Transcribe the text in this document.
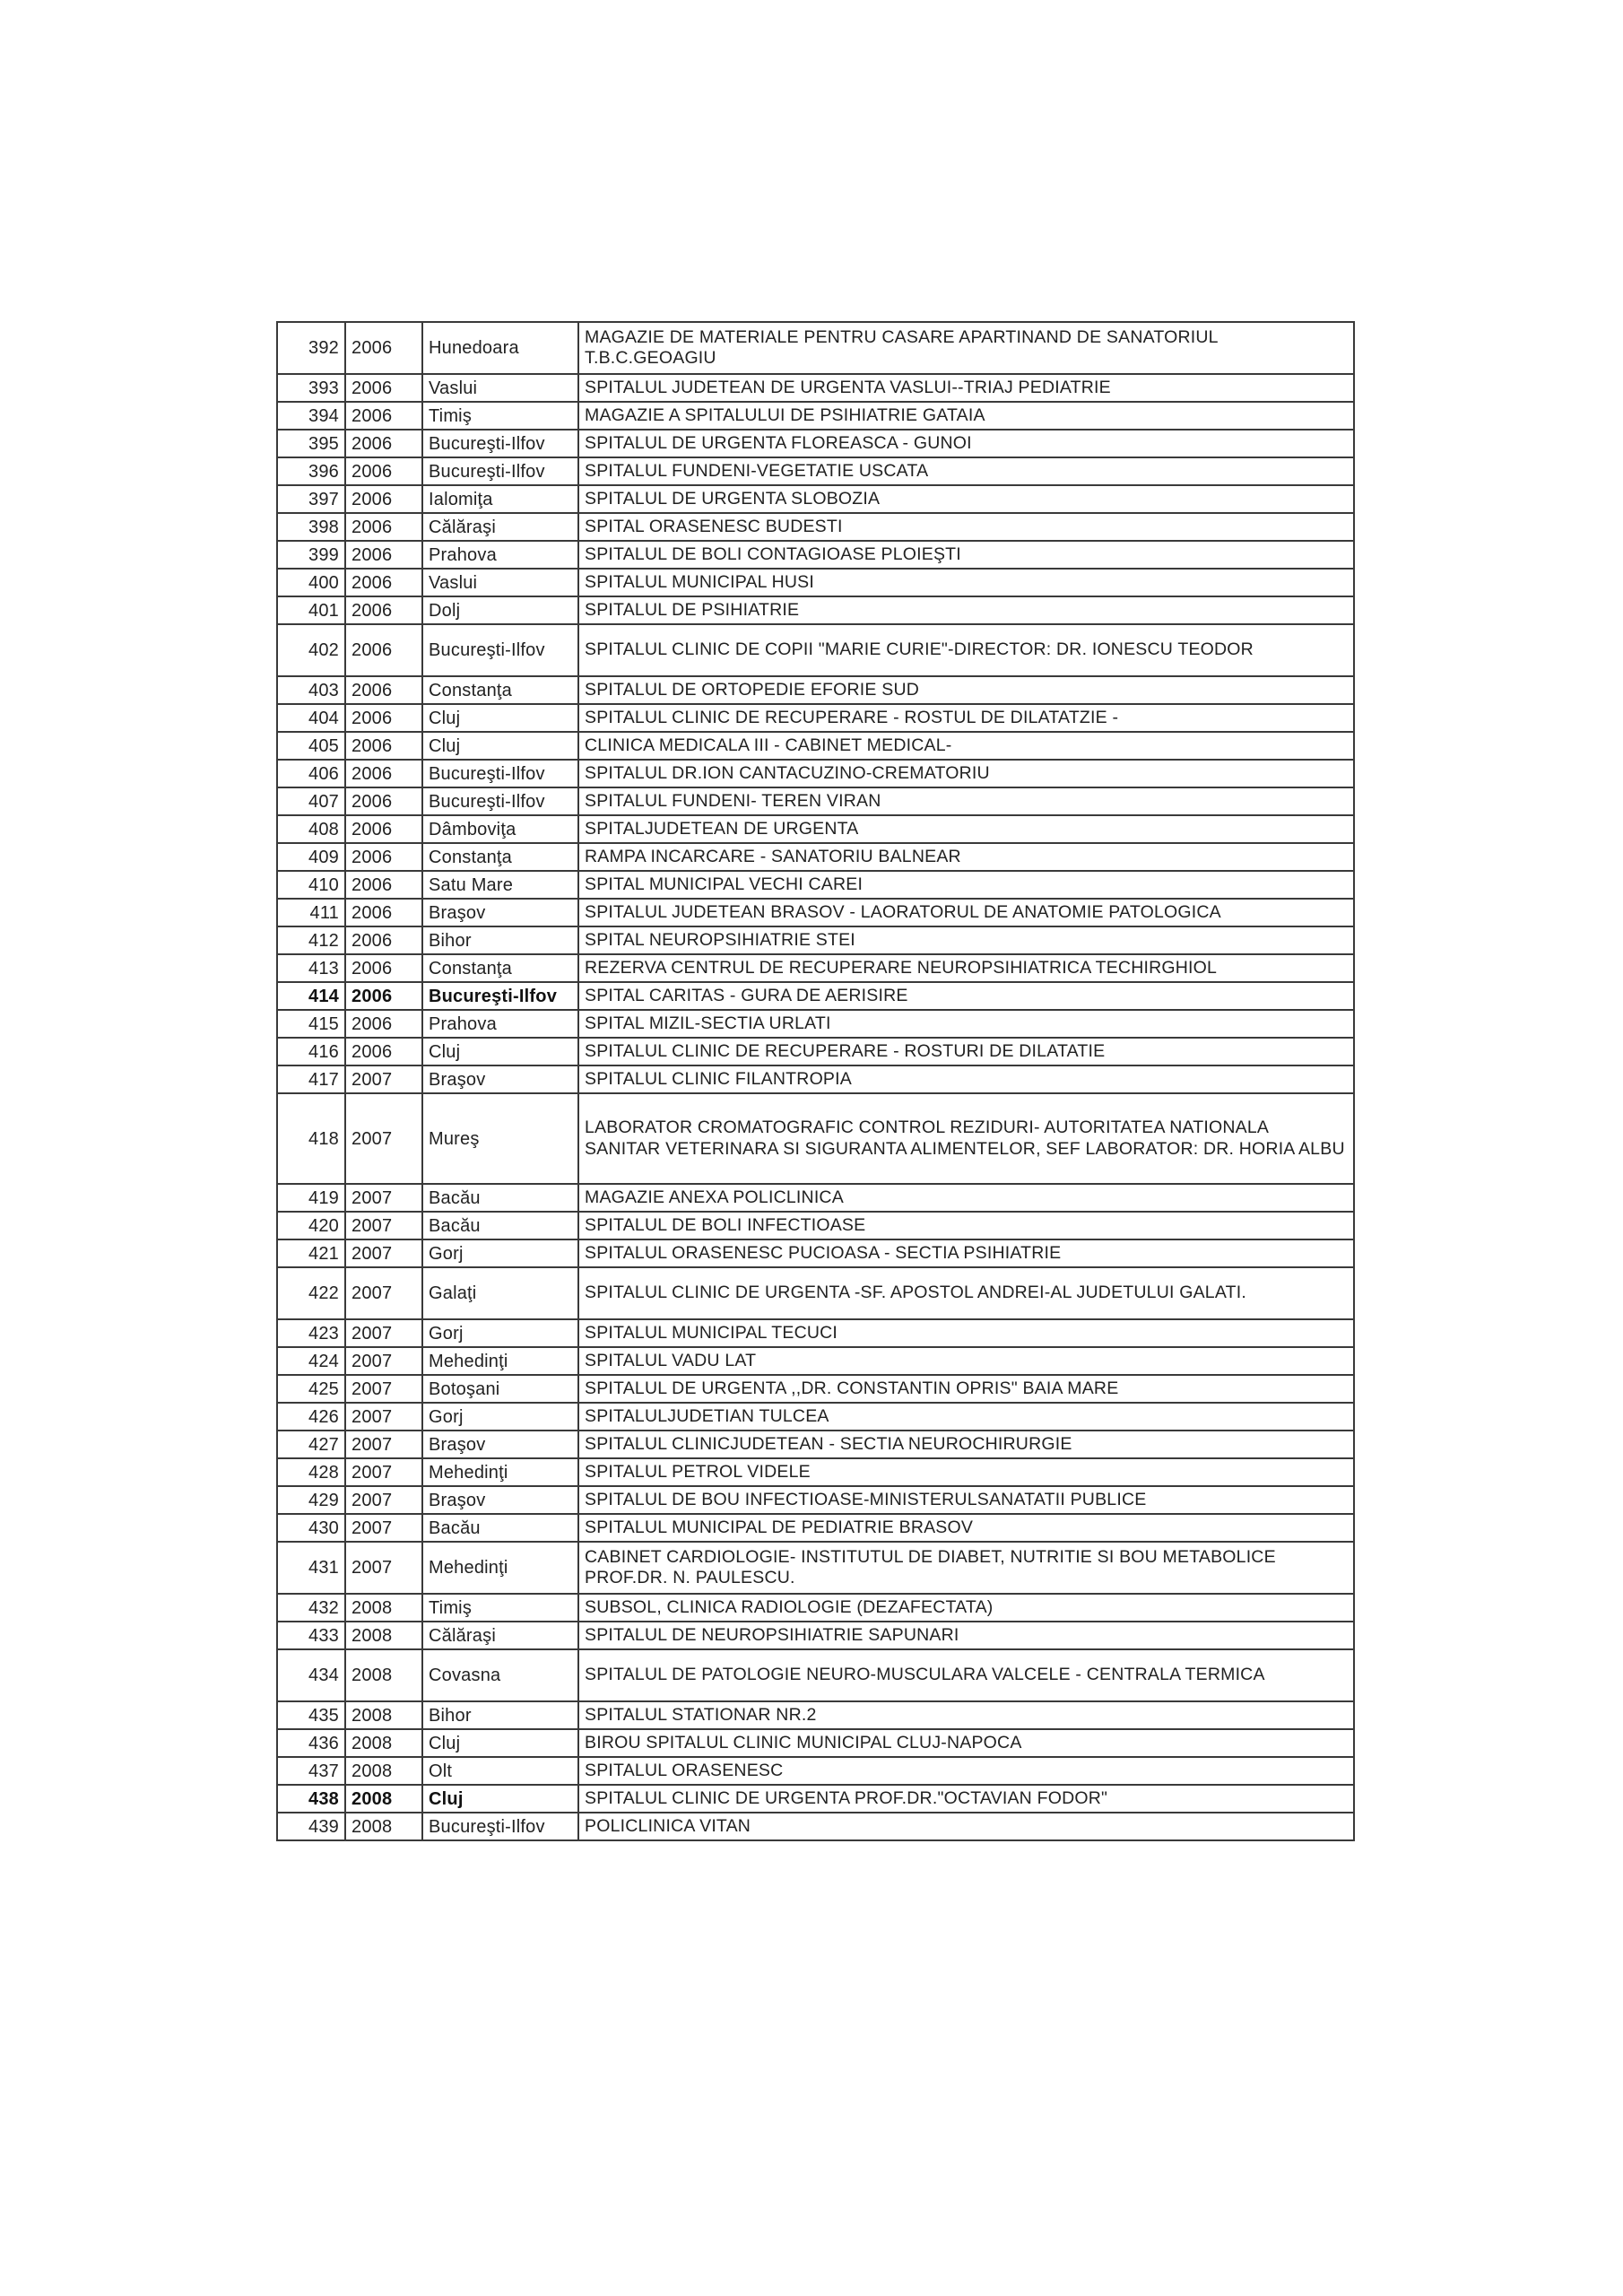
392	2006	Hunedoara	MAGAZIE DE MATERIALE PENTRU CASARE APARTINAND DE SANATORIUL T.B.C.GEOAGIU
393	2006	Vaslui	SPITALUL JUDETEAN DE URGENTA VASLUI--TRIAJ PEDIATRIE
394	2006	Timiş	MAGAZIE A SPITALULUI DE PSIHIATRIE GATAIA
395	2006	Bucureşti-Ilfov	SPITALUL DE URGENTA FLOREASCA - GUNOI
396	2006	Bucureşti-Ilfov	SPITALUL FUNDENI-VEGETATIE USCATA
397	2006	Ialomiţa	SPITALUL DE URGENTA SLOBOZIA
398	2006	Călăraşi	SPITAL ORASENESC BUDESTI
399	2006	Prahova	SPITALUL DE BOLI CONTAGIOASE PLOIEŞTI
400	2006	Vaslui	SPITALUL MUNICIPAL HUSI
401	2006	Dolj	SPITALUL DE PSIHIATRIE
402	2006	Bucureşti-Ilfov	SPITALUL CLINIC DE COPII "MARIE CURIE"-DIRECTOR: DR. IONESCU TEODOR
403	2006	Constanţa	SPITALUL DE ORTOPEDIE EFORIE SUD
404	2006	Cluj	SPITALUL CLINIC DE RECUPERARE - ROSTUL DE DILATATZIE -
405	2006	Cluj	CLINICA MEDICALA III - CABINET MEDICAL-
406	2006	Bucureşti-Ilfov	SPITALUL DR.ION CANTACUZINO-CREMATORIU
407	2006	Bucureşti-Ilfov	SPITALUL FUNDENI- TEREN VIRAN
408	2006	Dâmboviţa	SPITALJUDETEAN DE URGENTA
409	2006	Constanţa	RAMPA INCARCARE - SANATORIU BALNEAR
410	2006	Satu Mare	SPITAL MUNICIPAL VECHI CAREI
411	2006	Braşov	SPITALUL JUDETEAN BRASOV - LAORATORUL DE ANATOMIE PATOLOGICA
412	2006	Bihor	SPITAL NEUROPSIHIATRIE STEI
413	2006	Constanţa	REZERVA CENTRUL DE RECUPERARE NEUROPSIHIATRICA TECHIRGHIOL
414	2006	Bucureşti-Ilfov	SPITAL CARITAS - GURA DE AERISIRE
415	2006	Prahova	SPITAL MIZIL-SECTIA URLATI
416	2006	Cluj	SPITALUL CLINIC DE RECUPERARE - ROSTURI DE DILATATIE
417	2007	Braşov	SPITALUL CLINIC FILANTROPIA
418	2007	Mureş	LABORATOR CROMATOGRAFIC CONTROL REZIDURI- AUTORITATEA NATIONALA SANITAR VETERINARA SI SIGURANTA ALIMENTELOR, SEF LABORATOR: DR. HORIA ALBU
419	2007	Bacău	MAGAZIE ANEXA POLICLINICA
420	2007	Bacău	SPITALUL DE BOLI INFECTIOASE
421	2007	Gorj	SPITALUL ORASENESC PUCIOASA - SECTIA PSIHIATRIE
422	2007	Galaţi	SPITALUL CLINIC DE URGENTA -SF. APOSTOL ANDREI-AL JUDETULUI GALATI.
423	2007	Gorj	SPITALUL MUNICIPAL TECUCI
424	2007	Mehedinţi	SPITALUL VADU LAT
425	2007	Botoşani	SPITALUL DE URGENTA ,,DR. CONSTANTIN OPRIS" BAIA MARE
426	2007	Gorj	SPITALULJUDETIAN TULCEA
427	2007	Braşov	SPITALUL CLINICJUDETEAN - SECTIA NEUROCHIRURGIE
428	2007	Mehedinţi	SPITALUL PETROL VIDELE
429	2007	Braşov	SPITALUL DE BOU INFECTIOASE-MINISTERULSANATATII PUBLICE
430	2007	Bacău	SPITALUL MUNICIPAL DE PEDIATRIE BRASOV
431	2007	Mehedinţi	CABINET CARDIOLOGIE- INSTITUTUL DE DIABET, NUTRITIE SI BOU METABOLICE PROF.DR. N. PAULESCU.
432	2008	Timiş	SUBSOL, CLINICA RADIOLOGIE (DEZAFECTATA)
433	2008	Călăraşi	SPITALUL DE NEUROPSIHIATRIE SAPUNARI
434	2008	Covasna	SPITALUL DE PATOLOGIE NEURO-MUSCULARA VALCELE - CENTRALA TERMICA
435	2008	Bihor	SPITALUL STATIONAR NR.2
436	2008	Cluj	BIROU SPITALUL CLINIC MUNICIPAL CLUJ-NAPOCA
437	2008	Olt	SPITALUL ORASENESC
438	2008	Cluj	SPITALUL CLINIC DE URGENTA PROF.DR."OCTAVIAN FODOR"
439	2008	Bucureşti-Ilfov	POLICLINICA VITAN
